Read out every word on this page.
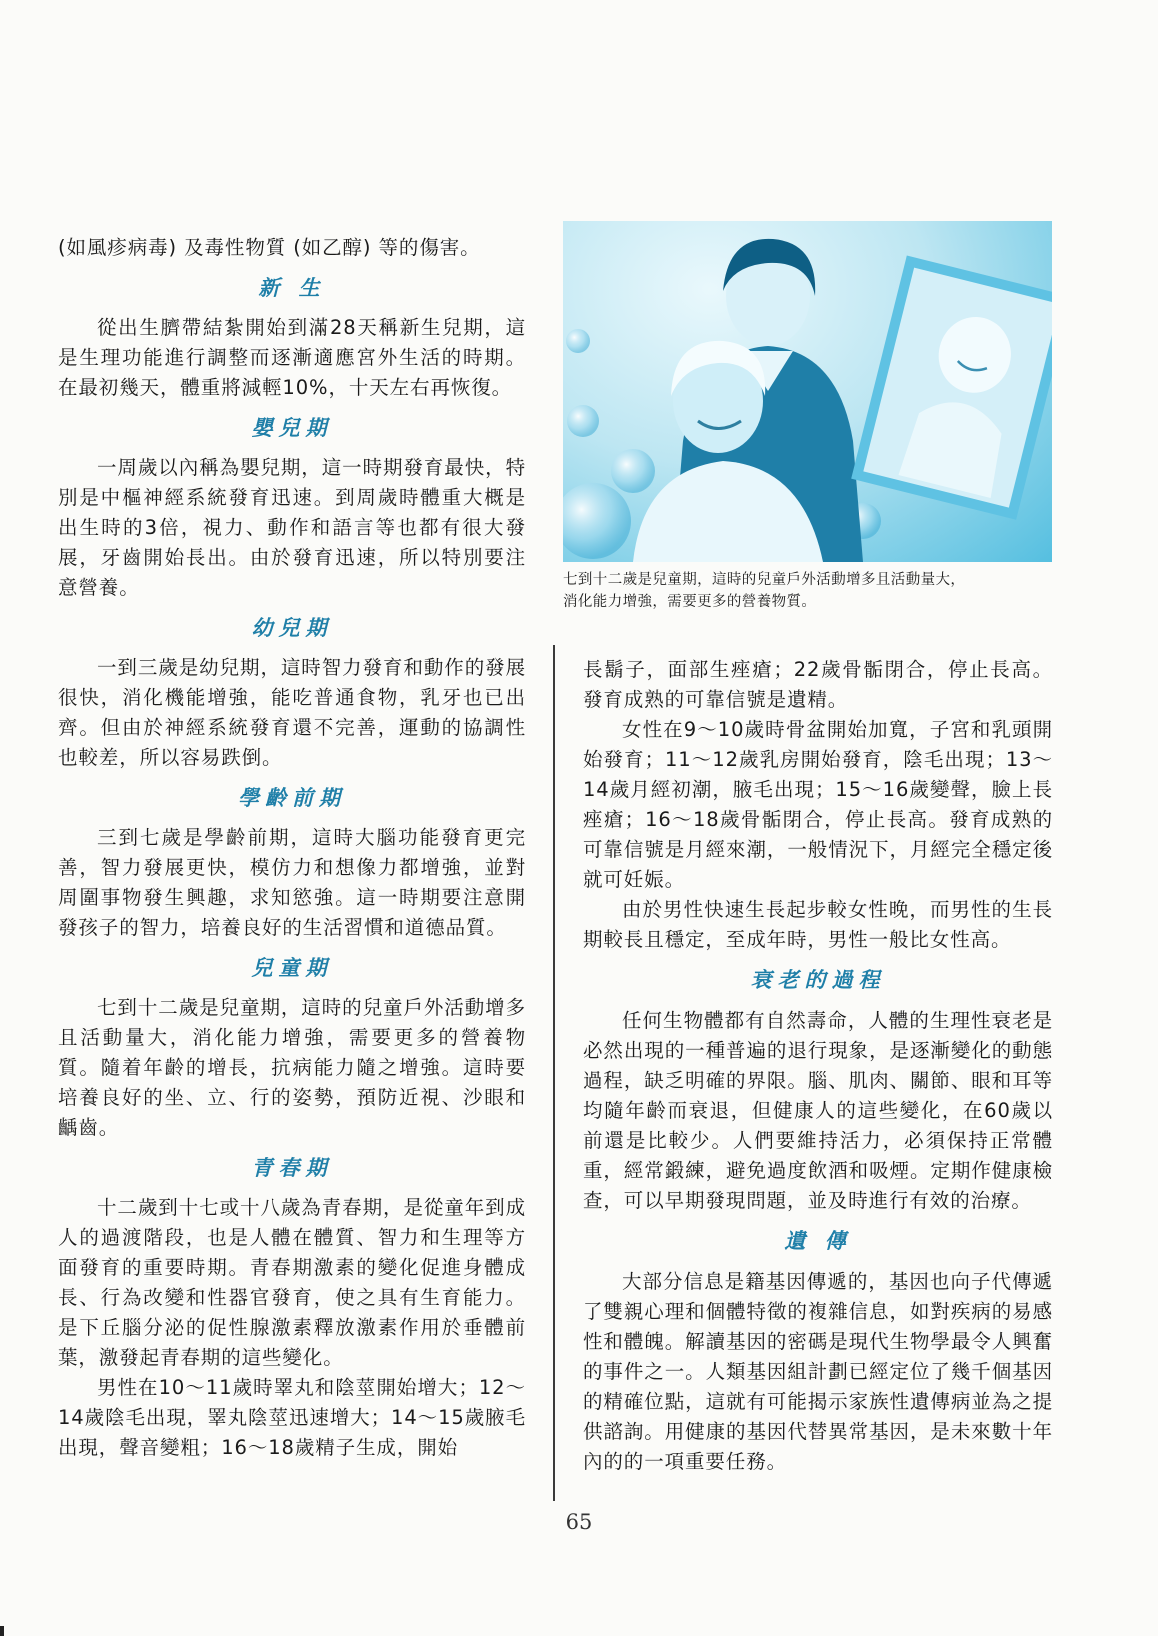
七到十二歲是兒童期，這時的兒童戶外活動增多且活動量大，
消化能力增強，需要更多的營養物質。

(如風疹病毒) 及毒性物質 (如乙醇) 等的傷害。

新 生

從出生臍帶結紮開始到滿28天稱新生兒期，這是生理功能進行調整而逐漸適應宮外生活的時期。在最初幾天，體重將減輕10%，十天左右再恢復。

嬰兒期

一周歲以內稱為嬰兒期，這一時期發育最快，特別是中樞神經系統發育迅速。到周歲時體重大概是出生時的3倍，視力、動作和語言等也都有很大發展，牙齒開始長出。由於發育迅速，所以特別要注意營養。

幼兒期

一到三歲是幼兒期，這時智力發育和動作的發展很快，消化機能增強，能吃普通食物，乳牙也已出齊。但由於神經系統發育還不完善，運動的協調性也較差，所以容易跌倒。

學齡前期

三到七歲是學齡前期，這時大腦功能發育更完善，智力發展更快，模仿力和想像力都增強，並對周圍事物發生興趣，求知慾強。這一時期要注意開發孩子的智力，培養良好的生活習慣和道德品質。

兒童期

七到十二歲是兒童期，這時的兒童戶外活動增多且活動量大，消化能力增強，需要更多的營養物質。隨着年齡的增長，抗病能力隨之增強。這時要培養良好的坐、立、行的姿勢，預防近視、沙眼和齲齒。

青春期

十二歲到十七或十八歲為青春期，是從童年到成人的過渡階段，也是人體在體質、智力和生理等方面發育的重要時期。青春期激素的變化促進身體成長、行為改變和性器官發育，使之具有生育能力。是下丘腦分泌的促性腺激素釋放激素作用於垂體前葉，激發起青春期的這些變化。

男性在10～11歲時睪丸和陰莖開始增大；12～14歲陰毛出現，睪丸陰莖迅速增大；14～15歲腋毛出現，聲音變粗；16～18歲精子生成，開始

長鬍子，面部生痤瘡；22歲骨骺閉合，停止長高。發育成熟的可靠信號是遺精。

女性在9～10歲時骨盆開始加寬，子宮和乳頭開始發育；11～12歲乳房開始發育，陰毛出現；13～14歲月經初潮，腋毛出現；15～16歲變聲，臉上長痤瘡；16～18歲骨骺閉合，停止長高。發育成熟的可靠信號是月經來潮，一般情況下，月經完全穩定後就可妊娠。

由於男性快速生長起步較女性晚，而男性的生長期較長且穩定，至成年時，男性一般比女性高。

衰老的過程

任何生物體都有自然壽命，人體的生理性衰老是必然出現的一種普遍的退行現象，是逐漸變化的動態過程，缺乏明確的界限。腦、肌肉、關節、眼和耳等均隨年齡而衰退，但健康人的這些變化，在60歲以前還是比較少。人們要維持活力，必須保持正常體重，經常鍛練，避免過度飲酒和吸煙。定期作健康檢查，可以早期發現問題，並及時進行有效的治療。

遺 傳

大部分信息是籍基因傳遞的，基因也向子代傳遞了雙親心理和個體特徵的複雜信息，如對疾病的易感性和體魄。解讀基因的密碼是現代生物學最令人興奮的事件之一。人類基因組計劃已經定位了幾千個基因的精確位點，這就有可能揭示家族性遺傳病並為之提供諮詢。用健康的基因代替異常基因，是未來數十年內的的一項重要任務。

65
